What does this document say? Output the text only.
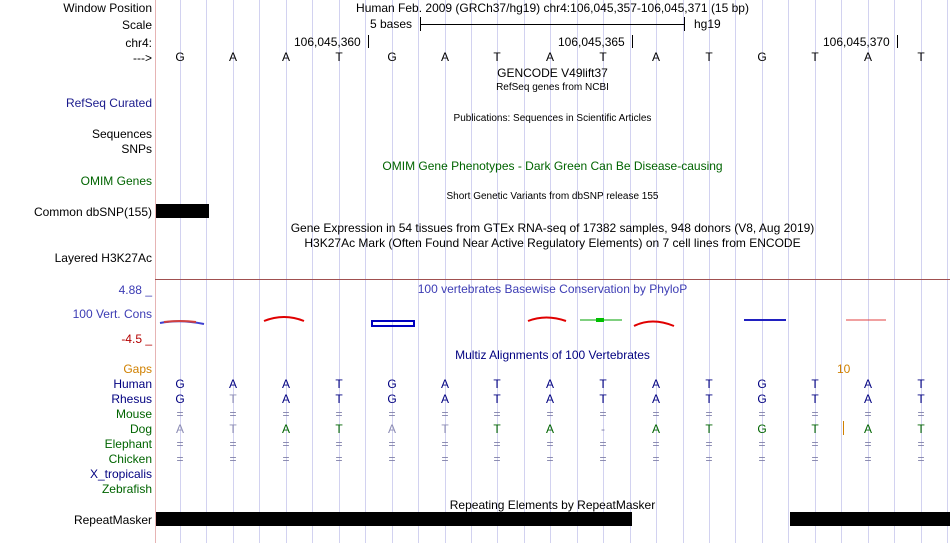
Window Position
Scale
chr4:
--->
Human Feb. 2009 (GRCh37/hg19) chr4:106,045,357-106,045,371 (15 bp)
5 bases	hg19
106,045,360	106,045,365	106,045,370
G	A	A	T	G	A	T	A	T	A	T	G	T	A	T
GENCODE V49lift37
RefSeq genes from NCBI
RefSeq Curated
Publications: Sequences in Scientific Articles
Sequences
SNPs
OMIM Gene Phenotypes - Dark Green Can Be Disease-causing
OMIM Genes
Short Genetic Variants from dbSNP release 155
Common dbSNP(155)
Gene Expression in 54 tissues from GTEx RNA-seq of 17382 samples, 948 donors (V8, Aug 2019)
H3K27Ac Mark (Often Found Near Active Regulatory Elements) on 7 cell lines from ENCODE
Layered H3K27Ac
100 vertebrates Basewise Conservation by PhyloP
4.88 _
100 Vert. Cons
-4.5 _
Multiz Alignments of 100 Vertebrates
Gaps	10
Human	G	A	A	T	G	A	T	A	T	A	T	G	T	A	T
Rhesus	G	T	A	T	G	A	T	A	T	A	T	G	T	A	T
Mouse	=	=	=	=	=	=	=	=	=	=	=	=	=	=	=
Dog	A	T	A	T	A	T	T	A	-	A	T	G	T	A	T
Elephant	=	=	=	=	=	=	=	=	=	=	=	=	=	=	=
Chicken	=	=	=	=	=	=	=	=	=	=	=	=	=	=	=
X_tropicalis
Zebrafish
Repeating Elements by RepeatMasker
RepeatMasker
